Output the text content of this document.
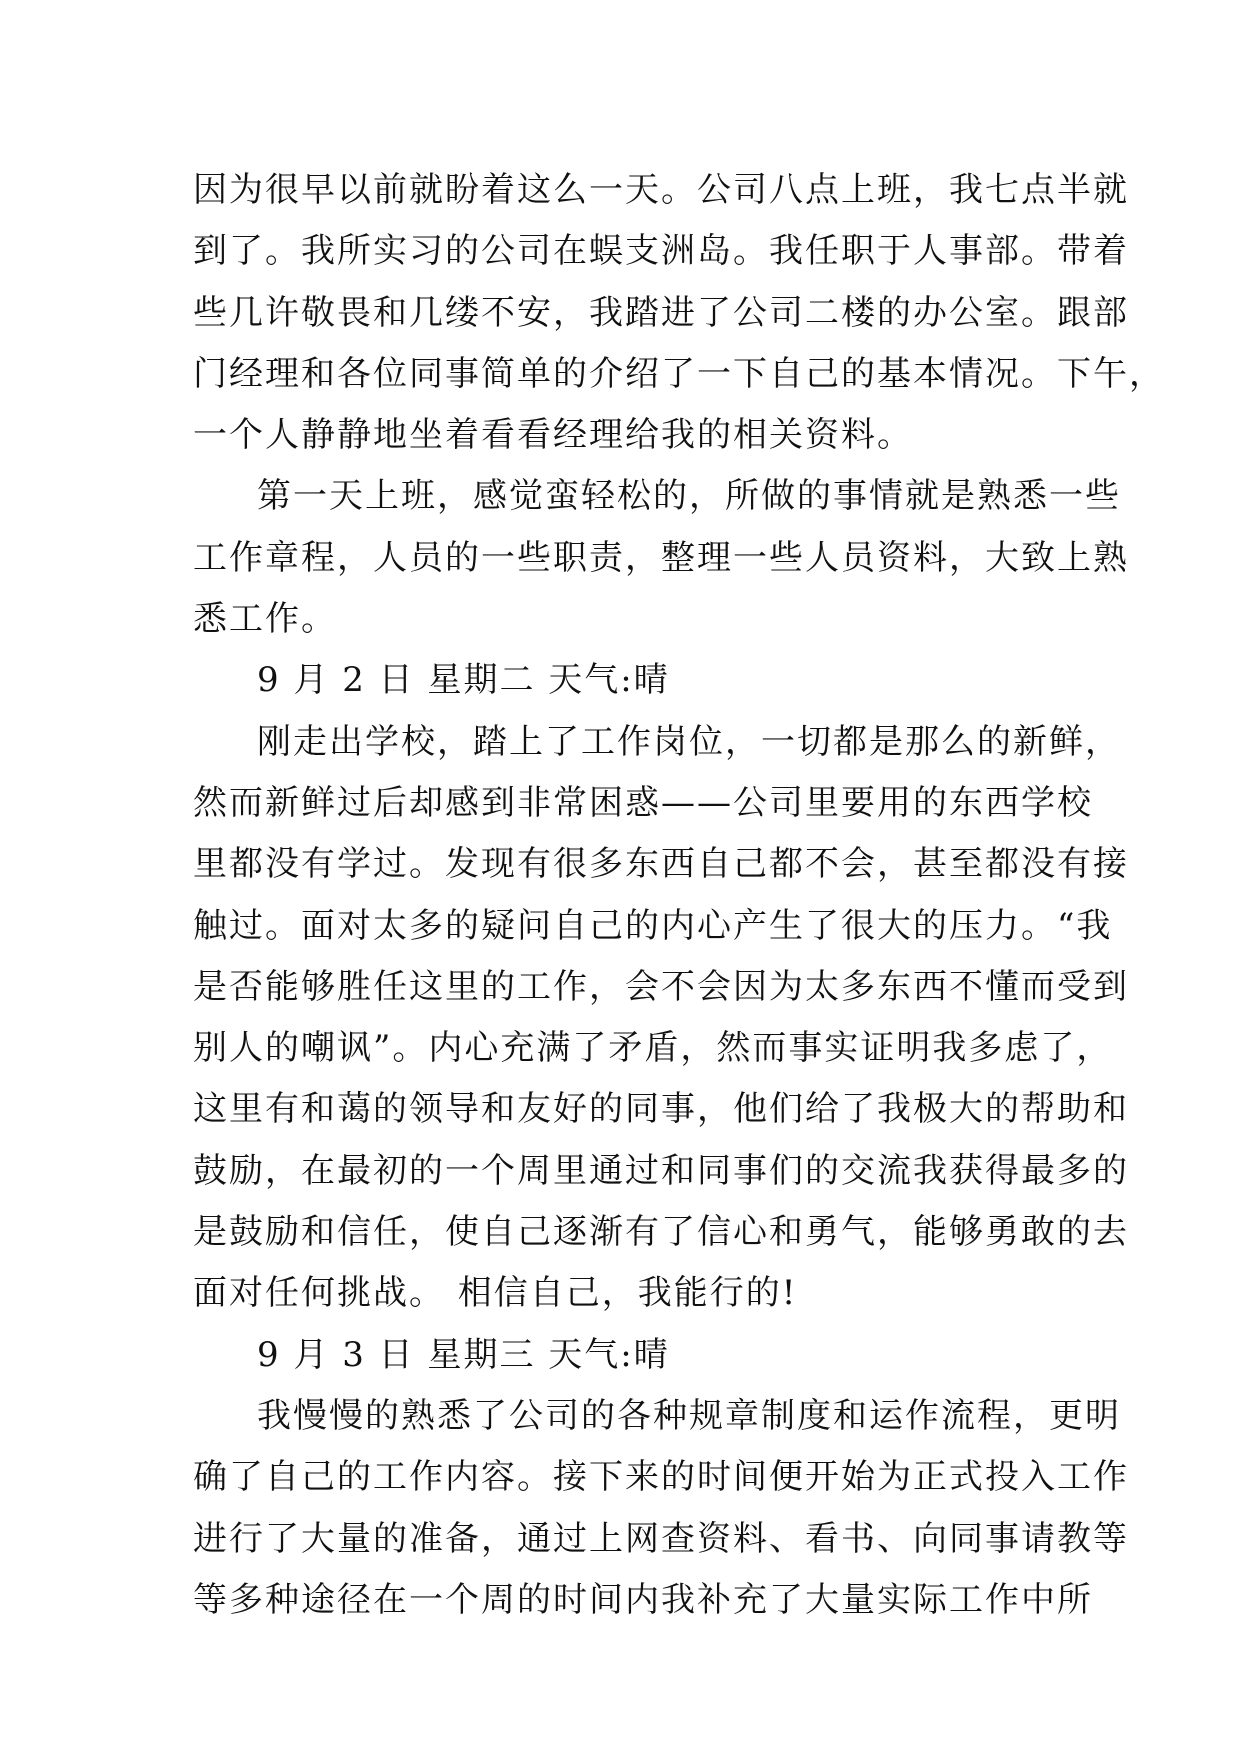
因为很早以前就盼着这么一天。公司八点上班，我七点半就

到了。我所实习的公司在蜈支洲岛。我任职于人事部。带着

些几许敬畏和几缕不安，我踏进了公司二楼的办公室。跟部

门经理和各位同事简单的介绍了一下自己的基本情况。下午，

一个人静静地坐着看看经理给我的相关资料。

第一天上班，感觉蛮轻松的，所做的事情就是熟悉一些

工作章程，人员的一些职责，整理一些人员资料，大致上熟

悉工作。

9 月 2 日 星期二 天气:晴

刚走出学校，踏上了工作岗位，一切都是那么的新鲜，

然而新鲜过后却感到非常困惑——公司里要用的东西学校

里都没有学过。发现有很多东西自己都不会，甚至都没有接

触过。面对太多的疑问自己的内心产生了很大的压力。“我

是否能够胜任这里的工作，会不会因为太多东西不懂而受到

别人的嘲讽”。内心充满了矛盾，然而事实证明我多虑了，

这里有和蔼的领导和友好的同事，他们给了我极大的帮助和

鼓励，在最初的一个周里通过和同事们的交流我获得最多的

是鼓励和信任，使自己逐渐有了信心和勇气，能够勇敢的去

面对任何挑战。 相信自己，我能行的!

9 月 3 日 星期三 天气:晴

我慢慢的熟悉了公司的各种规章制度和运作流程，更明

确了自己的工作内容。接下来的时间便开始为正式投入工作

进行了大量的准备，通过上网查资料、看书、向同事请教等

等多种途径在一个周的时间内我补充了大量实际工作中所
